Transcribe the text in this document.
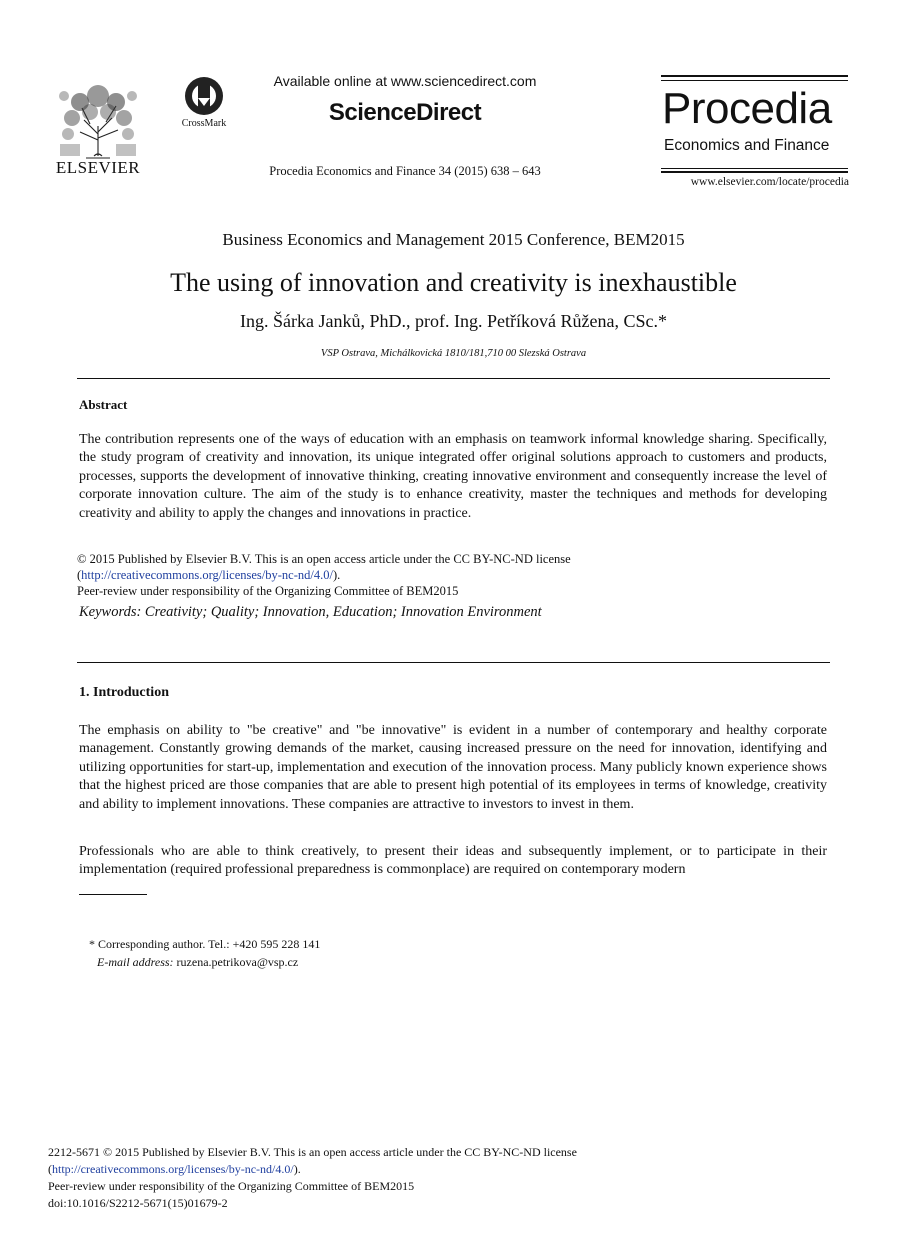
ELSEVIER
CrossMark
Available online at www.sciencedirect.com
ScienceDirect
Procedia Economics and Finance 34 (2015) 638 – 643
Procedia
Economics and Finance
www.elsevier.com/locate/procedia
Business Economics and Management 2015 Conference, BEM2015
The using of innovation and creativity is inexhaustible
Ing. Šárka Janků, PhD., prof. Ing. Petříková Růžena, CSc.*
VSP Ostrava, Michálkovická 1810/181,710 00 Slezská Ostrava
Abstract
The contribution represents one of the ways of education with an emphasis on teamwork informal knowledge sharing. Specifically, the study program of creativity and innovation, its unique integrated offer original solutions approach to customers and products, processes, supports the development of innovative thinking, creating innovative environment and consequently increase the level of corporate innovation culture. The aim of the study is to enhance creativity, master the techniques and methods for developing creativity and ability to apply the changes and innovations in practice.
© 2015 Published by Elsevier B.V. This is an open access article under the CC BY-NC-ND license
(http://creativecommons.org/licenses/by-nc-nd/4.0/).
Peer-review under responsibility of the Organizing Committee of BEM2015
Keywords: Creativity; Quality; Innovation, Education; Innovation Environment
1. Introduction
The emphasis on ability to "be creative" and "be innovative" is evident in a number of contemporary and healthy corporate management. Constantly growing demands of the market, causing increased pressure on the need for innovation, identifying and utilizing opportunities for start-up, implementation and execution of the innovation process. Many publicly known experience shows that the highest priced are those companies that are able to present high potential of its employees in terms of knowledge, creativity and ability to implement innovations. These companies are attractive to investors to invest in them.
Professionals who are able to think creatively, to present their ideas and subsequently implement, or to participate in their implementation (required professional preparedness is commonplace) are required on contemporary modern
* Corresponding author. Tel.: +420 595 228 141
E-mail address: ruzena.petrikova@vsp.cz
2212-5671 © 2015 Published by Elsevier B.V. This is an open access article under the CC BY-NC-ND license
(http://creativecommons.org/licenses/by-nc-nd/4.0/).
Peer-review under responsibility of the Organizing Committee of BEM2015
doi:10.1016/S2212-5671(15)01679-2
